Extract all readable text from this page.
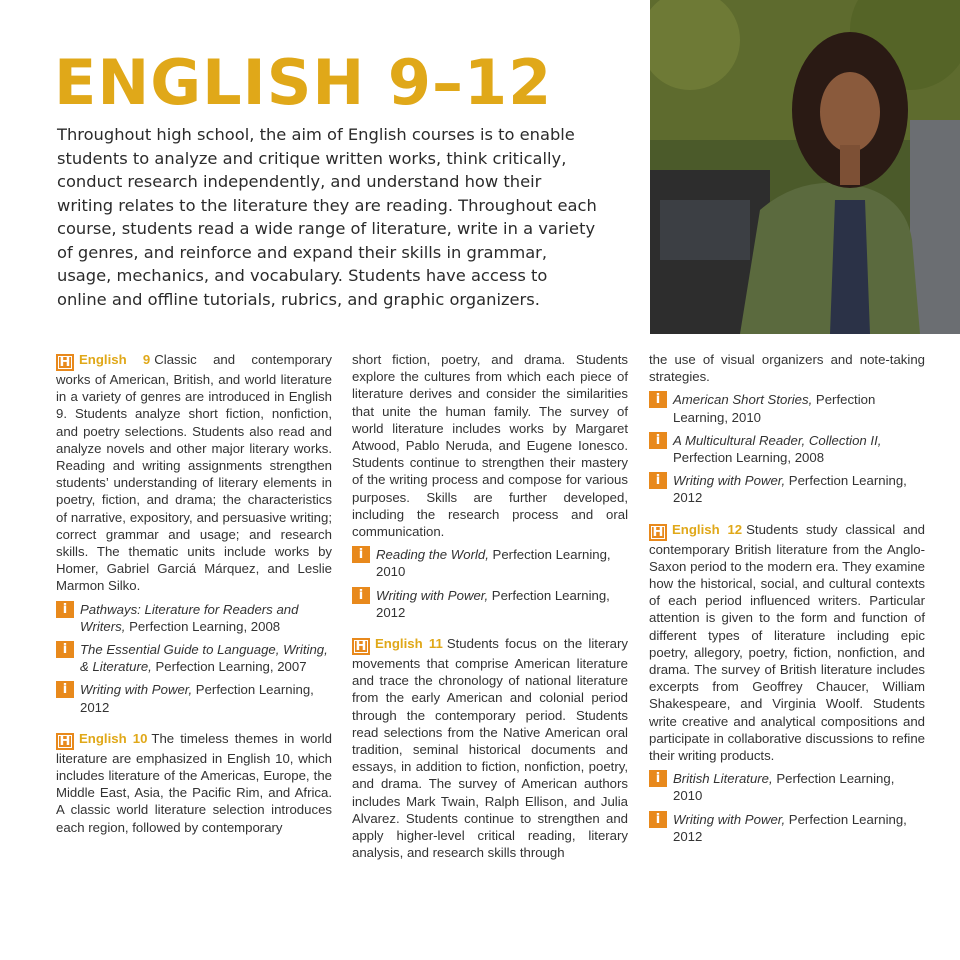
ENGLISH 9–12

Throughout high school, the aim of English courses is to enable students to analyze and critique written works, think critically, conduct research independently, and understand how their writing relates to the literature they are reading. Throughout each course, students read a wide range of literature, write in a variety of genres, and reinforce and expand their skills in grammar, usage, mechanics, and vocabulary. Students have access to online and offline tutorials, rubrics, and graphic organizers.

H English 9 Classic and contemporary works of American, British, and world literature in a variety of genres are introduced in English 9. Students analyze short fiction, nonfiction, and poetry selections. Students also read and analyze novels and other major literary works. Reading and writing assignments strengthen students’ understanding of literary elements in poetry, fiction, and drama; the characteristics of narrative, expository, and persuasive writing; correct grammar and usage; and research skills. The thematic units include works by Homer, Gabriel Garciá Márquez, and Leslie Marmon Silko.

i Pathways: Literature for Readers and Writers, Perfection Learning, 2008
i The Essential Guide to Language, Writing, & Literature, Perfection Learning, 2007
i Writing with Power, Perfection Learning, 2012

H English 10 The timeless themes in world literature are emphasized in English 10, which includes literature of the Americas, Europe, the Middle East, Asia, the Pacific Rim, and Africa. A classic world literature selection introduces each region, followed by contemporary

short fiction, poetry, and drama. Students explore the cultures from which each piece of literature derives and consider the similarities that unite the human family. The survey of world literature includes works by Margaret Atwood, Pablo Neruda, and Eugene Ionesco. Students continue to strengthen their mastery of the writing process and compose for various purposes. Skills are further developed, including the research process and oral communication.

i Reading the World, Perfection Learning, 2010
i Writing with Power, Perfection Learning, 2012

H English 11 Students focus on the literary movements that comprise American literature and trace the chronology of national literature from the early American and colonial period through the contemporary period. Students read selections from the Native American oral tradition, seminal historical documents and essays, in addition to fiction, nonfiction, poetry, and drama. The survey of American authors includes Mark Twain, Ralph Ellison, and Julia Alvarez. Students continue to strengthen and apply higher-level critical reading, literary analysis, and research skills through

the use of visual organizers and note-taking strategies.

i American Short Stories, Perfection Learning, 2010
i A Multicultural Reader, Collection II, Perfection Learning, 2008
i Writing with Power, Perfection Learning, 2012

H English 12 Students study classical and contemporary British literature from the Anglo-Saxon period to the modern era. They examine how the historical, social, and cultural contexts of each period influenced writers. Particular attention is given to the form and function of different types of literature including epic poetry, allegory, poetry, fiction, nonfiction, and drama. The survey of British literature includes excerpts from Geoffrey Chaucer, William Shakespeare, and Virginia Woolf. Students write creative and analytical compositions and participate in collaborative discussions to refine their writing products.

i British Literature, Perfection Learning, 2010
i Writing with Power, Perfection Learning, 2012
